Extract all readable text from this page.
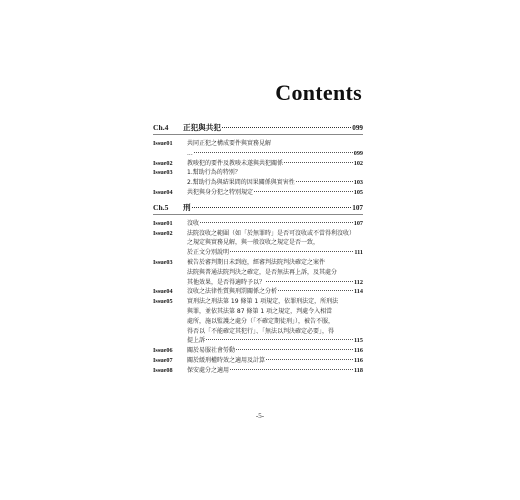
Contents
Ch.4	正犯與共犯	099
Issue01	共同正犯之構成要件與實務見解
...	099
Issue02	教唆犯的要件及教唆未遂與共犯關係	102
Issue03	1.幫助行為的特別？
2.幫助行為與結果間的因果關係與實害性	103
Issue04	共犯與身分犯之特別規定	105
Ch.5	刑	107
Issue01	沒收	107
Issue02	法院沒收之範圍（如「於無罪時」是否可沒收或不當得利沒收）
之規定與實務見解，與一般沒收之規定是否一致，
於正文分別說明	111
Issue03	被告於審判期日未到庭，經審判法院判決確定之案件
法院與普通法院判決之確定，是否無法再上訴，及其處分
其他效果，是否得適時予以？	112
Issue04	沒收之法律性質與刑罰關係之分析	114
Issue05	實刑法之刑法第 19 條第 1 項規定，依罪刑法定，所刑法
與罪，並依其法第 87 條第 1 項之規定，判處令入相當
處所，施以監護之處分（「不確定期徒刑」），被告不服，
得否以「不能確定其犯行」、「無法以判決確定必要」，得
提上訴	115
Issue06	關於易服社會勞動	116
Issue07	關於緩刑權時效之適用及計算	116
Issue08	保安處分之適用	118
-5-
